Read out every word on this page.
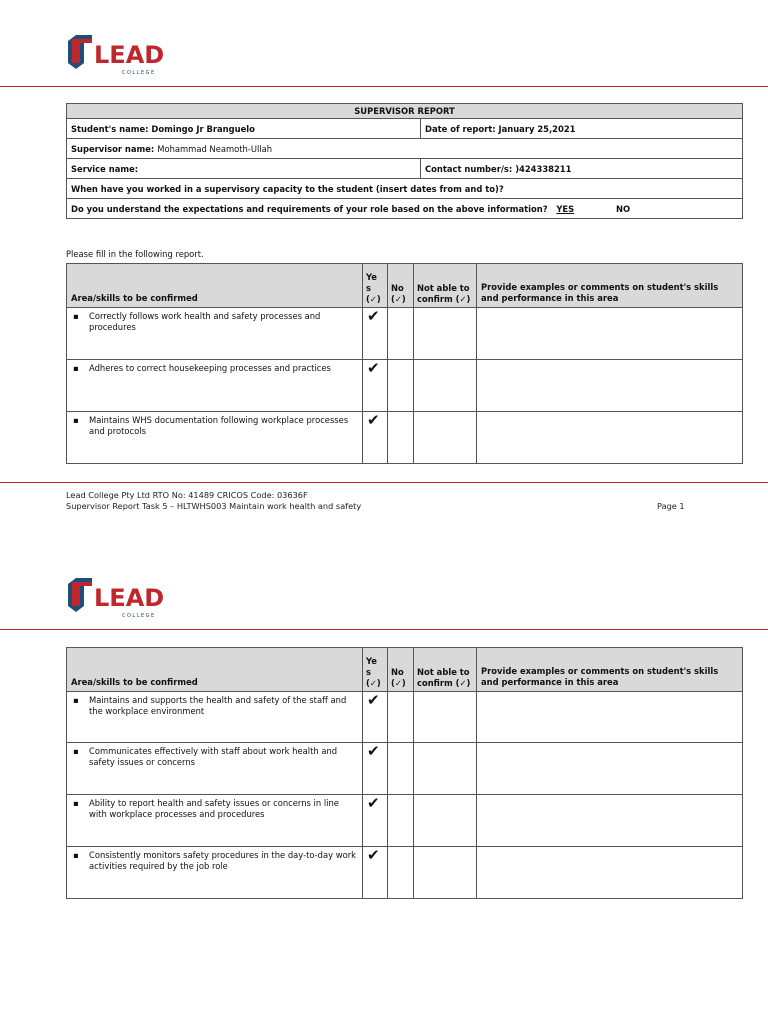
LEAD
COLLEGE
SUPERVISOR REPORT	
Student's name: Domingo Jr Branguelo	Date of report: January 25,2021
Supervisor name: Mohammad Neamoth-Ullah	
Service name:	Contact number/s: )424338211
When have you worked in a supervisory capacity to the student (insert dates from and to)?	
Do you understand the expectations and requirements of your role based on the above information? YES NO	
Please fill in the following report.
Area/skills to be confirmed	Ye s (✓)	No (✓)	Not able to confirm (✓)	Provide examples or comments on student's skills and performance in this area

▪ Correctly follows work health and safety processes and procedures	✔			

▪ Adheres to correct housekeeping processes and practices	✔			

▪ Maintains WHS documentation following workplace processes and protocols	✔			
Lead College Pty Ltd RTO No: 41489 CRICOS Code: 03636F
Supervisor Report Task 5 – HLTWHS003 Maintain work health and safety	Page 1
LEAD
COLLEGE
Area/skills to be confirmed	Ye s (✓)	No (✓)	Not able to confirm (✓)	Provide examples or comments on student's skills and performance in this area

▪ Maintains and supports the health and safety of the staff and the workplace environment	✔			

▪ Communicates effectively with staff about work health and safety issues or concerns	✔			

▪ Ability to report health and safety issues or concerns in line with workplace processes and procedures	✔			

▪ Consistently monitors safety procedures in the day-to-day work activities required by the job role	✔			
